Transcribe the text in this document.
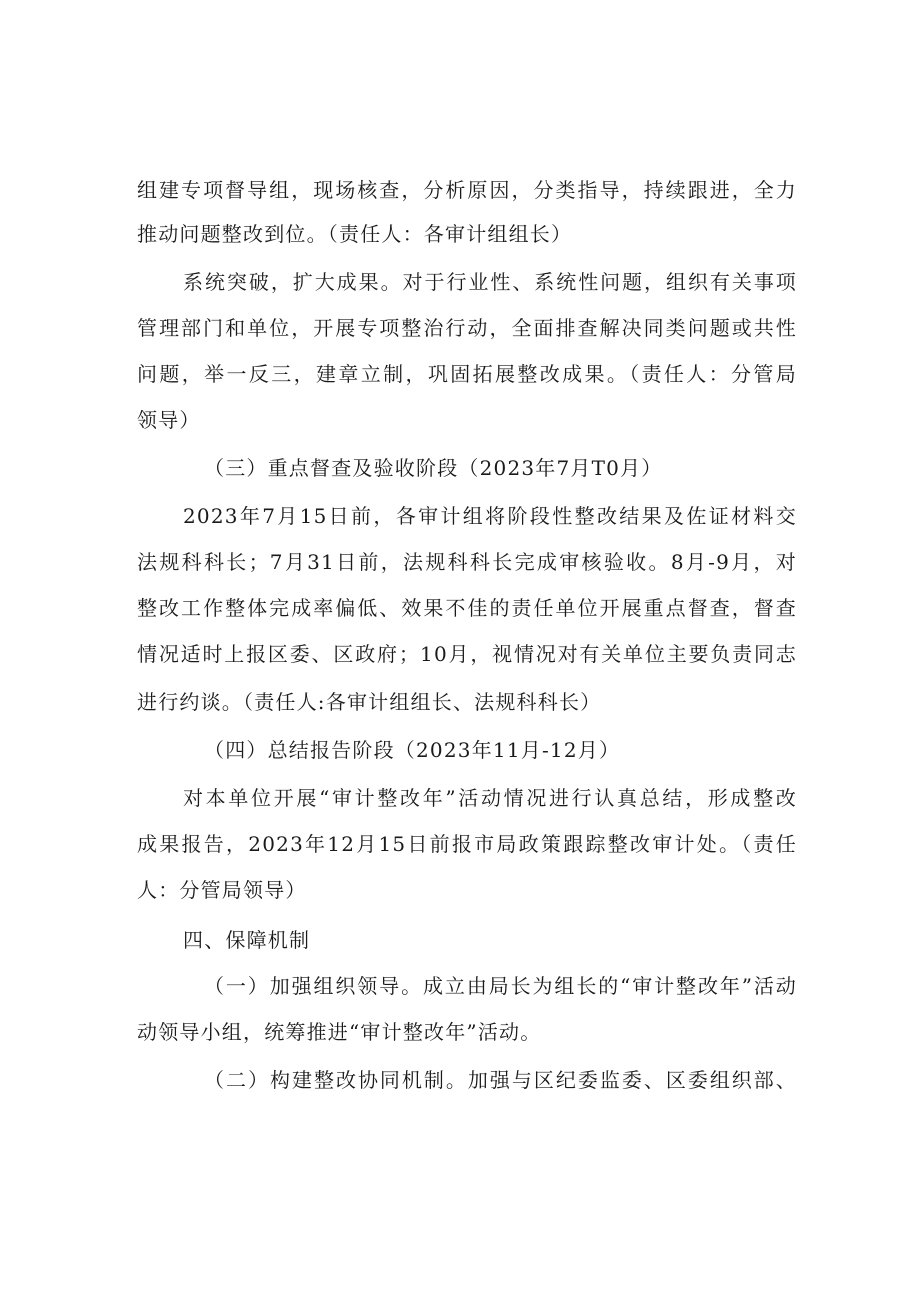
组建专项督导组，现场核查，分析原因，分类指导，持续跟进，全力
推动问题整改到位。（责任人：各审计组组长）
系统突破，扩大成果。对于行业性、系统性问题，组织有关事项
管理部门和单位，开展专项整治行动，全面排查解决同类问题或共性
问题，举一反三，建章立制，巩固拓展整改成果。（责任人：分管局
领导）
（三）重点督查及验收阶段（2023年7月T0月）
2023年7月15日前，各审计组将阶段性整改结果及佐证材料交
法规科科长；7月31日前，法规科科长完成审核验收。8月-9月，对
整改工作整体完成率偏低、效果不佳的责任单位开展重点督查，督查
情况适时上报区委、区政府；10月，视情况对有关单位主要负责同志
进行约谈。（责任人:各审计组组长、法规科科长）
（四）总结报告阶段（2023年11月-12月）
对本单位开展“审计整改年”活动情况进行认真总结，形成整改
成果报告，2023年12月15日前报市局政策跟踪整改审计处。（责任
人：分管局领导）
四、保障机制
（一）加强组织领导。成立由局长为组长的“审计整改年”活动
动领导小组，统筹推进“审计整改年”活动。
（二）构建整改协同机制。加强与区纪委监委、区委组织部、
